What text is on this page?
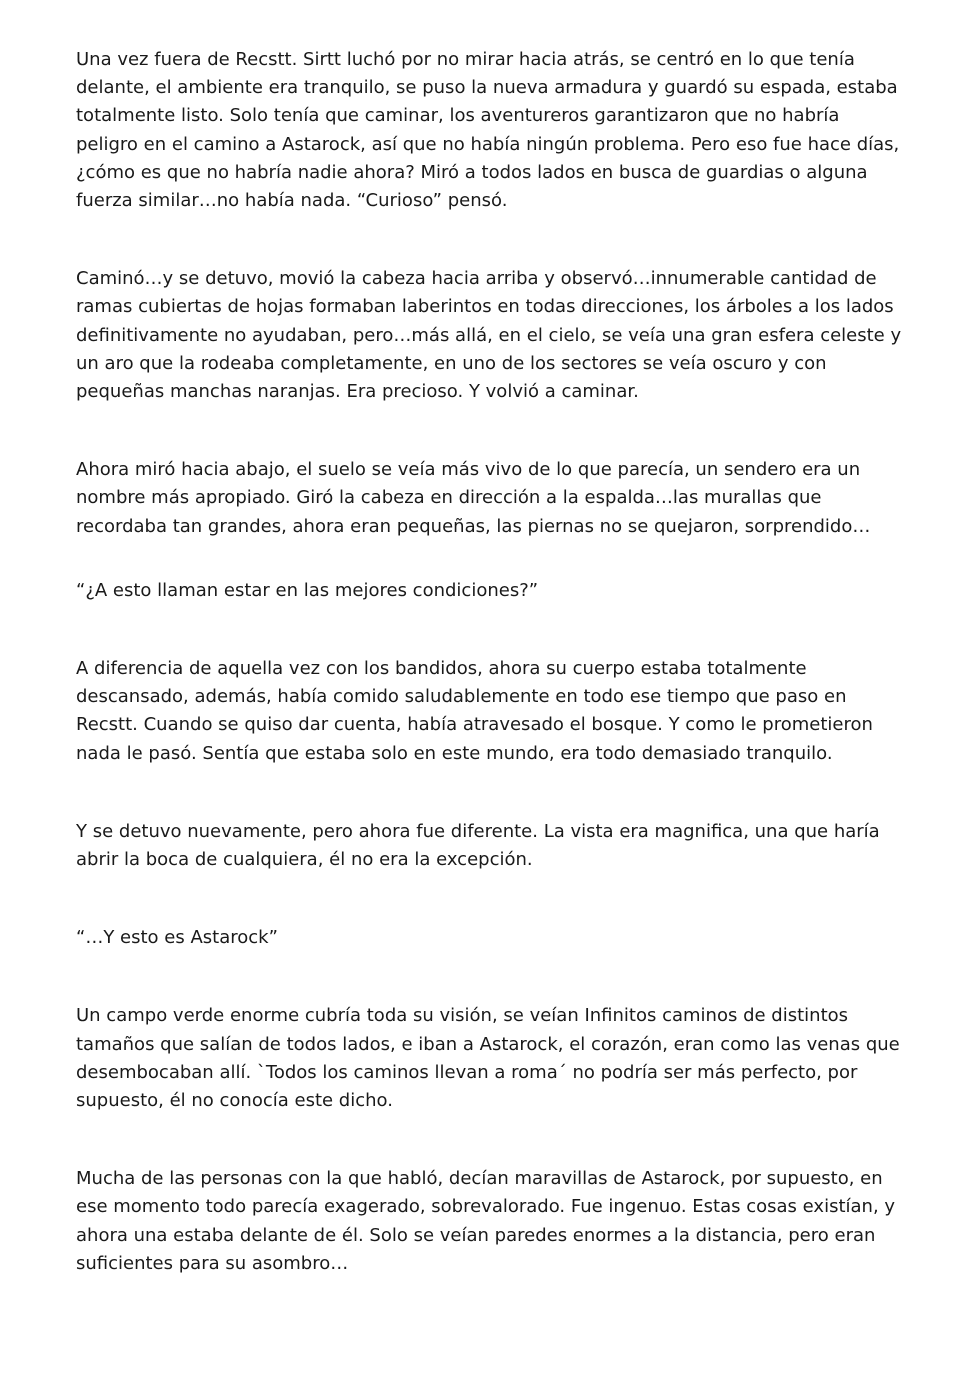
Una vez fuera de Recstt. Sirtt luchó por no mirar hacia atrás, se centró en lo que tenía delante, el ambiente era tranquilo, se puso la nueva armadura y guardó su espada, estaba totalmente listo. Solo tenía que caminar, los aventureros garantizaron que no habría peligro en el camino a Astarock, así que no había ningún problema. Pero eso fue hace días, ¿cómo es que no habría nadie ahora? Miró a todos lados en busca de guardias o alguna fuerza similar…no había nada. “Curioso” pensó.

Caminó…y se detuvo, movió la cabeza hacia arriba y observó…innumerable cantidad de ramas cubiertas de hojas formaban laberintos en todas direcciones, los árboles a los lados definitivamente no ayudaban, pero…más allá, en el cielo, se veía una gran esfera celeste y un aro que la rodeaba completamente, en uno de los sectores se veía oscuro y con pequeñas manchas naranjas. Era precioso. Y volvió a caminar.

Ahora miró hacia abajo, el suelo se veía más vivo de lo que parecía, un sendero era un nombre más apropiado. Giró la cabeza en dirección a la espalda…las murallas que recordaba tan grandes, ahora eran pequeñas, las piernas no se quejaron, sorprendido…

“¿A esto llaman estar en las mejores condiciones?”

A diferencia de aquella vez con los bandidos, ahora su cuerpo estaba totalmente descansado, además, había comido saludablemente en todo ese tiempo que paso en Recstt. Cuando se quiso dar cuenta, había atravesado el bosque. Y como le prometieron nada le pasó. Sentía que estaba solo en este mundo, era todo demasiado tranquilo.

Y se detuvo nuevamente, pero ahora fue diferente. La vista era magnifica, una que haría abrir la boca de cualquiera, él no era la excepción.

“…Y esto es Astarock”

Un campo verde enorme cubría toda su visión, se veían Infinitos caminos de distintos tamaños que salían de todos lados, e iban a Astarock, el corazón, eran como las venas que desembocaban allí. `Todos los caminos llevan a roma´ no podría ser más perfecto, por supuesto, él no conocía este dicho.

Mucha de las personas con la que habló, decían maravillas de Astarock, por supuesto, en ese momento todo parecía exagerado, sobrevalorado. Fue ingenuo. Estas cosas existían, y ahora una estaba delante de él. Solo se veían paredes enormes a la distancia, pero eran suficientes para su asombro…
